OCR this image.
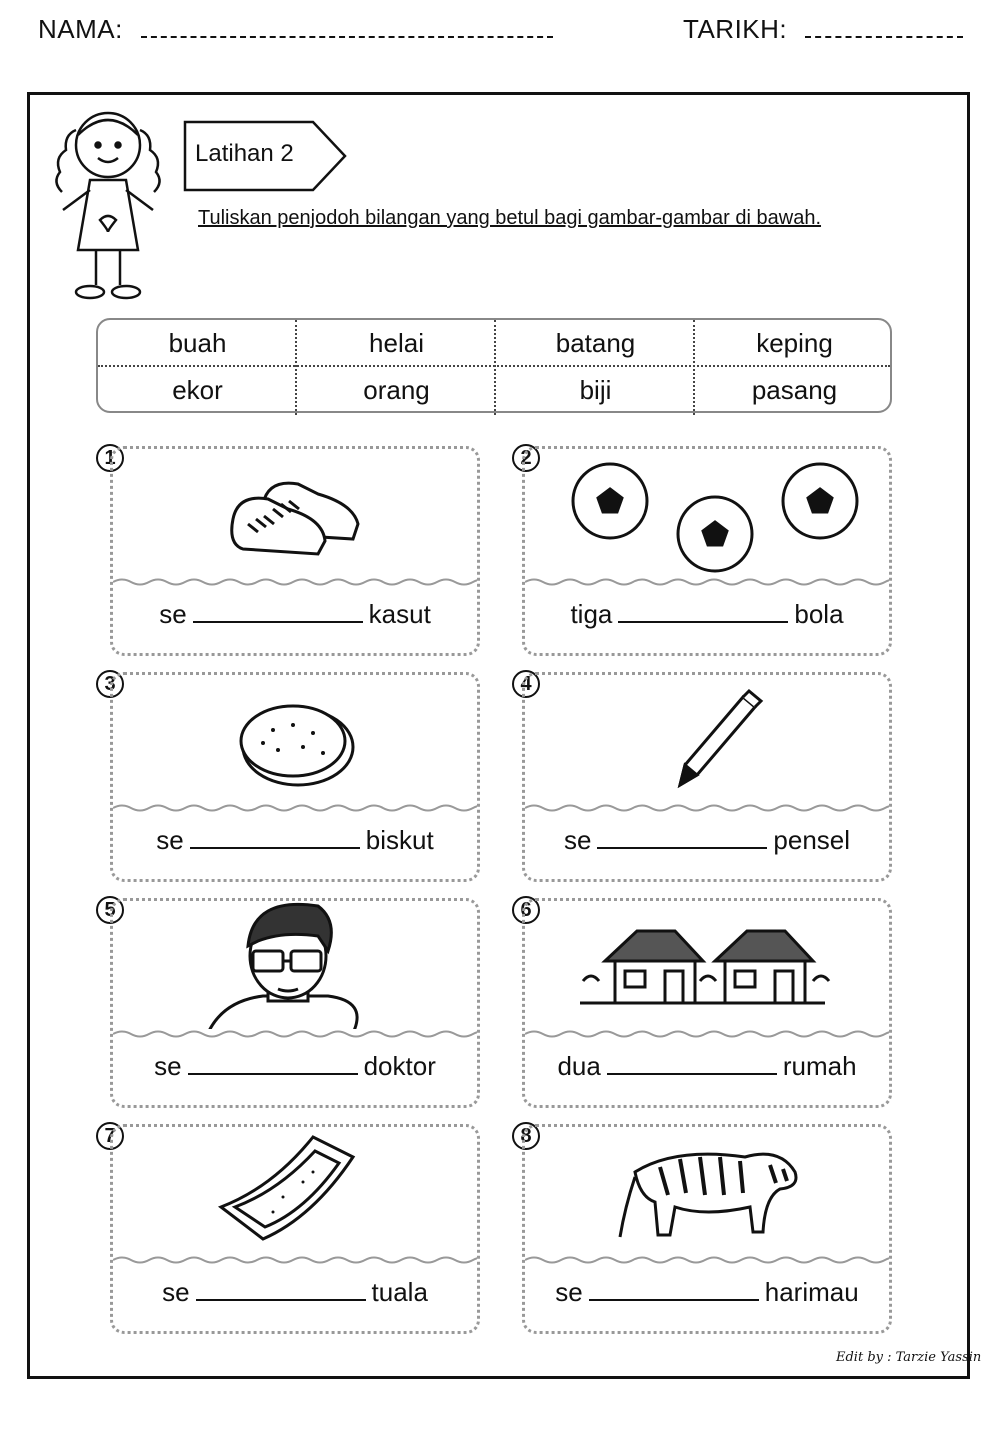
NAMA:	TARIKH:
Latihan 2
Tuliskan penjodoh bilangan yang betul bagi gambar-gambar di bawah.
buah	helai	batang	keping
ekor	orang	biji	pasang
1
se	kasut
2
tiga	bola
3
se	biskut
4
se	pensel
5
se	doktor
6
dua	rumah
7
se	tuala
8
se	harimau
Edit by : Tarzie Yassin
